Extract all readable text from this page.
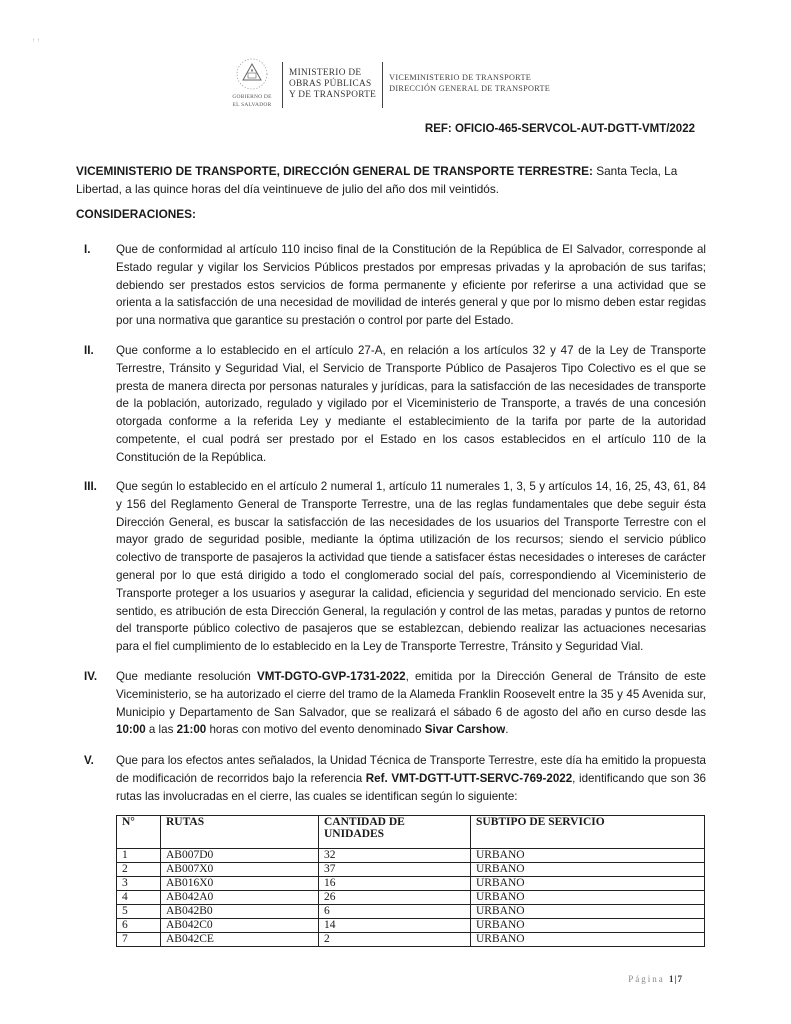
↑ ↑
GOBIERNO DE
EL SALVADOR
MINISTERIO DE
OBRAS PÚBLICAS
Y DE TRANSPORTE
VICEMINISTERIO DE TRANSPORTE
DIRECCIÓN GENERAL DE TRANSPORTE
REF: OFICIO-465-SERVCOL-AUT-DGTT-VMT/2022
VICEMINISTERIO DE TRANSPORTE, DIRECCIÓN GENERAL DE TRANSPORTE TERRESTRE: Santa Tecla, La Libertad, a las quince horas del día veintinueve de julio del año dos mil veintidós.
CONSIDERACIONES:
I. Que de conformidad al artículo 110 inciso final de la Constitución de la República de El Salvador, corresponde al Estado regular y vigilar los Servicios Públicos prestados por empresas privadas y la aprobación de sus tarifas; debiendo ser prestados estos servicios de forma permanente y eficiente por referirse a una actividad que se orienta a la satisfacción de una necesidad de movilidad de interés general y que por lo mismo deben estar regidas por una normativa que garantice su prestación o control por parte del Estado.
II. Que conforme a lo establecido en el artículo 27-A, en relación a los artículos 32 y 47 de la Ley de Transporte Terrestre, Tránsito y Seguridad Vial, el Servicio de Transporte Público de Pasajeros Tipo Colectivo es el que se presta de manera directa por personas naturales y jurídicas, para la satisfacción de las necesidades de transporte de la población, autorizado, regulado y vigilado por el Viceministerio de Transporte, a través de una concesión otorgada conforme a la referida Ley y mediante el establecimiento de la tarifa por parte de la autoridad competente, el cual podrá ser prestado por el Estado en los casos establecidos en el artículo 110 de la Constitución de la República.
III. Que según lo establecido en el artículo 2 numeral 1, artículo 11 numerales 1, 3, 5 y artículos 14, 16, 25, 43, 61, 84 y 156 del Reglamento General de Transporte Terrestre, una de las reglas fundamentales que debe seguir ésta Dirección General, es buscar la satisfacción de las necesidades de los usuarios del Transporte Terrestre con el mayor grado de seguridad posible, mediante la óptima utilización de los recursos; siendo el servicio público colectivo de transporte de pasajeros la actividad que tiende a satisfacer éstas necesidades o intereses de carácter general por lo que está dirigido a todo el conglomerado social del país, correspondiendo al Viceministerio de Transporte proteger a los usuarios y asegurar la calidad, eficiencia y seguridad del mencionado servicio. En este sentido, es atribución de esta Dirección General, la regulación y control de las metas, paradas y puntos de retorno del transporte público colectivo de pasajeros que se establezcan, debiendo realizar las actuaciones necesarias para el fiel cumplimiento de lo establecido en la Ley de Transporte Terrestre, Tránsito y Seguridad Vial.
IV. Que mediante resolución VMT-DGTO-GVP-1731-2022, emitida por la Dirección General de Tránsito de este Viceministerio, se ha autorizado el cierre del tramo de la Alameda Franklin Roosevelt entre la 35 y 45 Avenida sur, Municipio y Departamento de San Salvador, que se realizará el sábado 6 de agosto del año en curso desde las 10:00 a las 21:00 horas con motivo del evento denominado Sivar Carshow.
V. Que para los efectos antes señalados, la Unidad Técnica de Transporte Terrestre, este día ha emitido la propuesta de modificación de recorridos bajo la referencia Ref. VMT-DGTT-UTT-SERVC-769-2022, identificando que son 36 rutas las involucradas en el cierre, las cuales se identifican según lo siguiente:
N°	RUTAS	CANTIDAD DE UNIDADES	SUBTIPO DE SERVICIO
1	AB007D0	32	URBANO
2	AB007X0	37	URBANO
3	AB016X0	16	URBANO
4	AB042A0	26	URBANO
5	AB042B0	6	URBANO
6	AB042C0	14	URBANO
7	AB042CE	2	URBANO
Página 1|7
